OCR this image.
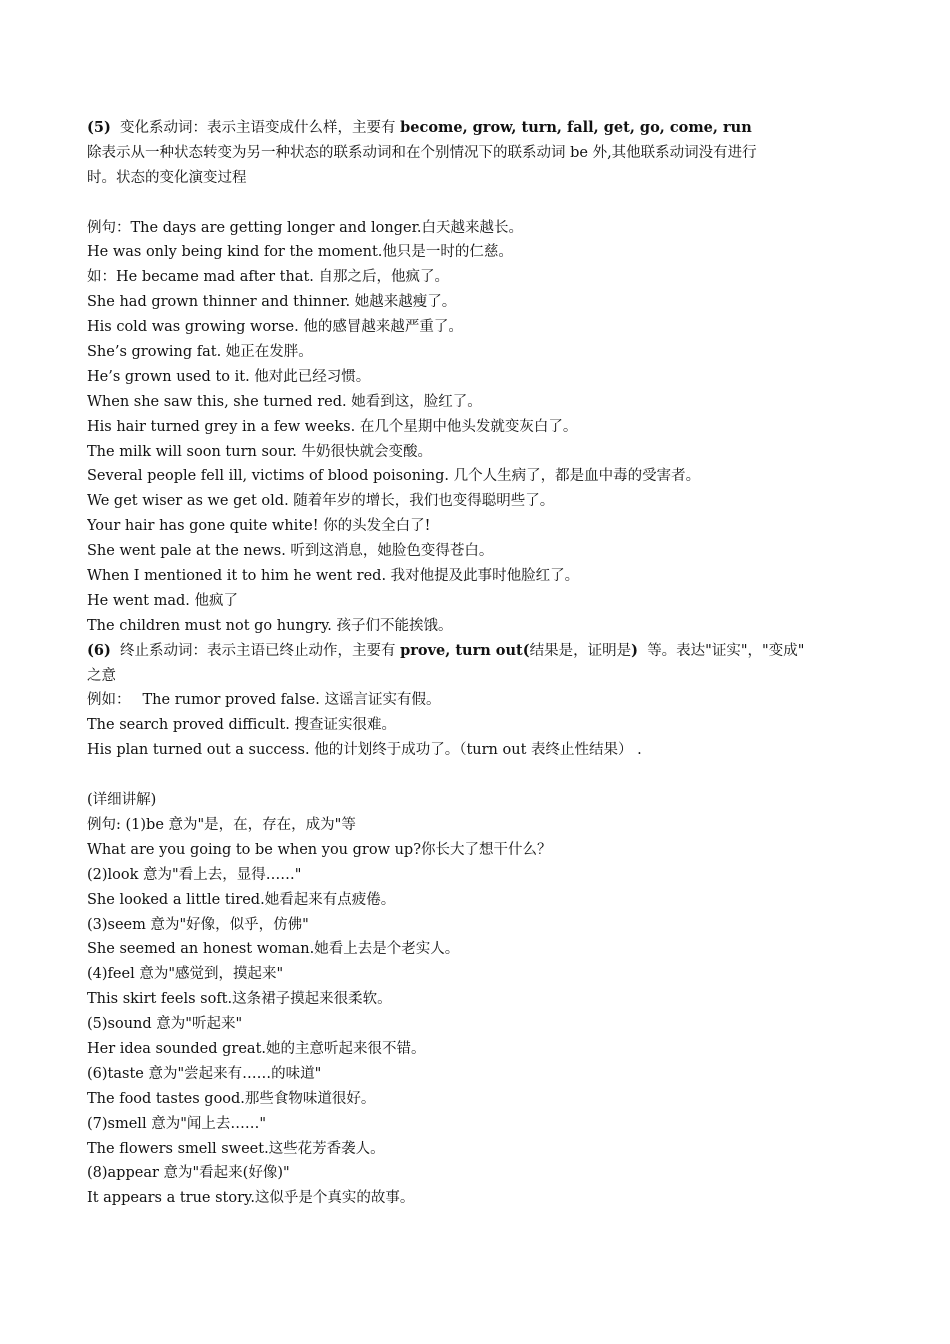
(5) 变化系动词：表示主语变成什么样，主要有 become, grow, turn, fall, get, go, come, run
除表示从一种状态转变为另一种状态的联系动词和在个别情况下的联系动词 be 外,其他联系动词没有进行
时。状态的变化演变过程
例句：The days are getting longer and longer.白天越来越长。
He was only being kind for the moment.他只是一时的仁慈。
如：He became mad after that. 自那之后，他疯了。
She had grown thinner and thinner. 她越来越瘦了。
His cold was growing worse. 他的感冒越来越严重了。
She’s growing fat. 她正在发胖。
He’s grown used to it. 他对此已经习惯。
When she saw this, she turned red. 她看到这，脸红了。
His hair turned grey in a few weeks. 在几个星期中他头发就变灰白了。
The milk will soon turn sour. 牛奶很快就会变酸。
Several people fell ill, victims of blood poisoning. 几个人生病了，都是血中毒的受害者。
We get wiser as we get old. 随着年岁的增长，我们也变得聪明些了。
Your hair has gone quite white! 你的头发全白了!
She went pale at the news. 听到这消息，她脸色变得苍白。
When I mentioned it to him he went red. 我对他提及此事时他脸红了。
He went mad. 他疯了
The children must not go hungry. 孩子们不能挨饿。
(6) 终止系动词：表示主语已终止动作，主要有 prove, turn out(结果是，证明是) 等。表达"证实"，"变成"
之意
例如： The rumor proved false. 这谣言证实有假。
The search proved difficult. 搜查证实很难。
His plan turned out a success. 他的计划终于成功了。（turn out 表终止性结果） .
(详细讲解)
例句: (1)be 意为"是，在，存在，成为"等
What are you going to be when you grow up?你长大了想干什么？
(2)look 意为"看上去，显得……"
She looked a little tired.她看起来有点疲倦。
(3)seem 意为"好像，似乎，仿佛"
She seemed an honest woman.她看上去是个老实人。
(4)feel 意为"感觉到，摸起来"
This skirt feels soft.这条裙子摸起来很柔软。
(5)sound 意为"听起来"
Her idea sounded great.她的主意听起来很不错。
(6)taste 意为"尝起来有……的味道"
The food tastes good.那些食物味道很好。
(7)smell 意为"闻上去……"
The flowers smell sweet.这些花芳香袭人。
(8)appear 意为"看起来(好像)"
It appears a true story.这似乎是个真实的故事。
